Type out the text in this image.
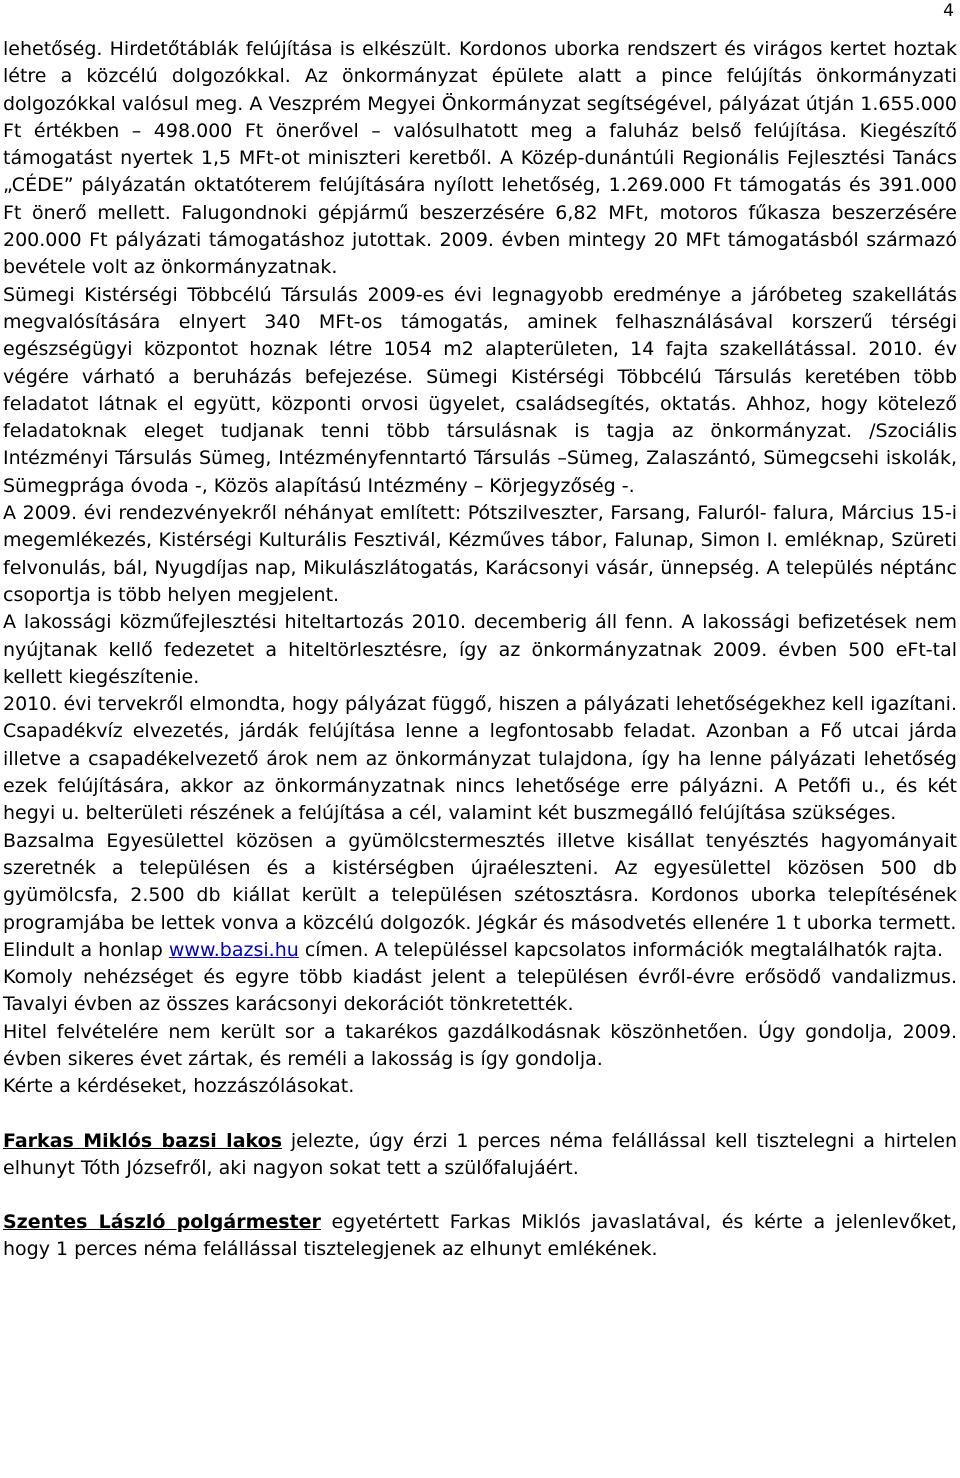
4

lehetőség. Hirdetőtáblák felújítása is elkészült. Kordonos uborka rendszert és virágos kertet hoztak létre a közcélú dolgozókkal. Az önkormányzat épülete alatt a pince felújítás önkormányzati dolgozókkal valósul meg. A Veszprém Megyei Önkormányzat segítségével, pályázat útján 1.655.000 Ft értékben – 498.000 Ft önerővel – valósulhatott meg a faluház belső felújítása. Kiegészítő támogatást nyertek 1,5 MFt-ot miniszteri keretből. A Közép-dunántúli Regionális Fejlesztési Tanács „CÉDE” pályázatán oktatóterem felújítására nyílott lehetőség, 1.269.000 Ft támogatás és 391.000 Ft önerő mellett. Falugondnoki gépjármű beszerzésére 6,82 MFt, motoros fűkasza beszerzésére 200.000 Ft pályázati támogatáshoz jutottak. 2009. évben mintegy 20 MFt támogatásból származó bevétele volt az önkormányzatnak.

Sümegi Kistérségi Többcélú Társulás 2009-es évi legnagyobb eredménye a járóbeteg szakellátás megvalósítására elnyert 340 MFt-os támogatás, aminek felhasználásával korszerű térségi egészségügyi központot hoznak létre 1054 m2 alapterületen, 14 fajta szakellátással. 2010. év végére várható a beruházás befejezése. Sümegi Kistérségi Többcélú Társulás keretében több feladatot látnak el együtt, központi orvosi ügyelet, családsegítés, oktatás. Ahhoz, hogy kötelező feladatoknak eleget tudjanak tenni több társulásnak is tagja az önkormányzat. /Szociális Intézményi Társulás Sümeg, Intézményfenntartó Társulás –Sümeg, Zalaszántó, Sümegcsehi iskolák, Sümegprága óvoda -, Közös alapítású Intézmény – Körjegyzőség -.

A 2009. évi rendezvényekről néhányat említett: Pótszilveszter, Farsang, Faluról- falura, Március 15-i megemlékezés, Kistérségi Kulturális Fesztivál, Kézműves tábor, Falunap, Simon I. emléknap, Szüreti felvonulás, bál, Nyugdíjas nap, Mikulászlátogatás, Karácsonyi vásár, ünnepség. A település néptánc csoportja is több helyen megjelent.

A lakossági közműfejlesztési hiteltartozás 2010. decemberig áll fenn. A lakossági befizetések nem nyújtanak kellő fedezetet a hiteltörlesztésre, így az önkormányzatnak 2009. évben 500 eFt-tal kellett kiegészítenie.

2010. évi tervekről elmondta, hogy pályázat függő, hiszen a pályázati lehetőségekhez kell igazítani. Csapadékvíz elvezetés, járdák felújítása lenne a legfontosabb feladat. Azonban a Fő utcai járda illetve a csapadékelvezető árok nem az önkormányzat tulajdona, így ha lenne pályázati lehetőség ezek felújítására, akkor az önkormányzatnak nincs lehetősége erre pályázni. A Petőfi u., és két hegyi u. belterületi részének a felújítása a cél, valamint két buszmegálló felújítása szükséges.

Bazsalma Egyesülettel közösen a gyümölcstermesztés illetve kisállat tenyésztés hagyományait szeretnék a településen és a kistérségben újraéleszteni. Az egyesülettel közösen 500 db gyümölcsfa, 2.500 db kiállat került a településen szétosztásra. Kordonos uborka telepítésének programjába be lettek vonva a közcélú dolgozók. Jégkár és másodvetés ellenére 1 t uborka termett.

Elindult a honlap www.bazsi.hu címen. A településsel kapcsolatos információk megtalálhatók rajta.

Komoly nehézséget és egyre több kiadást jelent a településen évről-évre erősödő vandalizmus. Tavalyi évben az összes karácsonyi dekorációt tönkretették.

Hitel felvételére nem került sor a takarékos gazdálkodásnak köszönhetően. Úgy gondolja, 2009. évben sikeres évet zártak, és reméli a lakosság is így gondolja.

Kérte a kérdéseket, hozzászólásokat.

Farkas Miklós bazsi lakos jelezte, úgy érzi 1 perces néma felállással kell tisztelegni a hirtelen elhunyt Tóth Józsefről, aki nagyon sokat tett a szülőfalujáért.

Szentes László polgármester egyetértett Farkas Miklós javaslatával, és kérte a jelenlevőket, hogy 1 perces néma felállással tisztelegjenek az elhunyt emlékének.
